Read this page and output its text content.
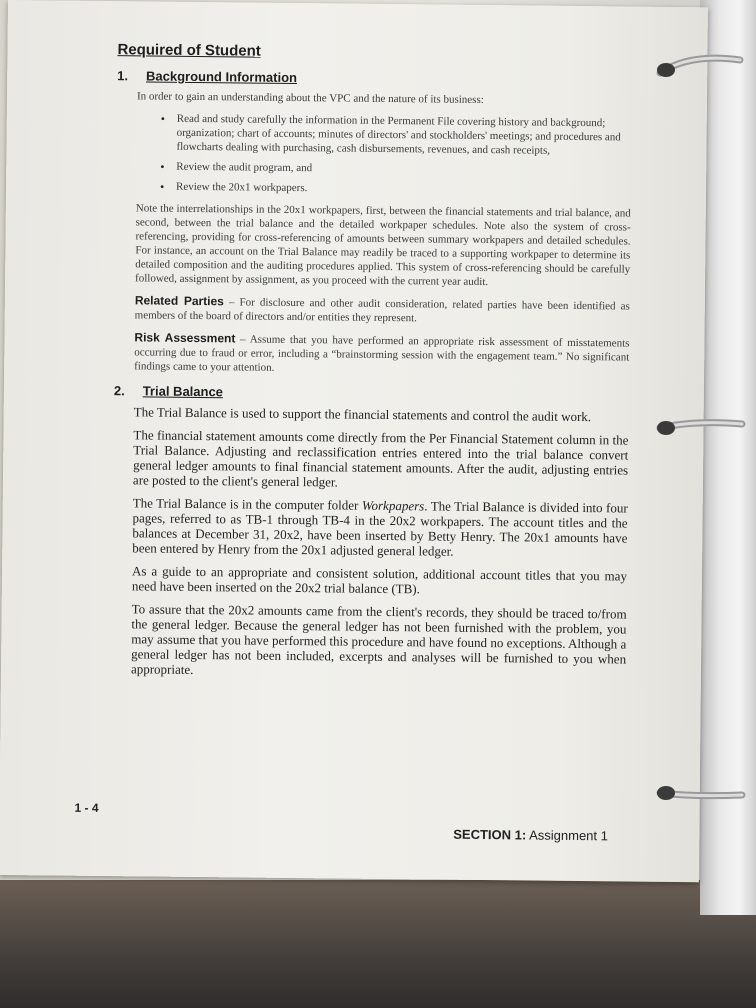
Required of Student
1. Background Information

In order to gain an understanding about the VPC and the nature of its business:

• Read and study carefully the information in the Permanent File covering history and background; organization; chart of accounts; minutes of directors' and stockholders' meetings; and procedures and flowcharts dealing with purchasing, cash disbursements, revenues, and cash receipts,
• Review the audit program, and
• Review the 20x1 workpapers.

Note the interrelationships in the 20x1 workpapers, first, between the financial statements and trial balance, and second, between the trial balance and the detailed workpaper schedules. Note also the system of cross-referencing, providing for cross-referencing of amounts between summary workpapers and detailed schedules. For instance, an account on the Trial Balance may readily be traced to a supporting workpaper to determine its detailed composition and the auditing procedures applied. This system of cross-referencing should be carefully followed, assignment by assignment, as you proceed with the current year audit.

Related Parties – For disclosure and other audit consideration, related parties have been identified as members of the board of directors and/or entities they represent.

Risk Assessment – Assume that you have performed an appropriate risk assessment of misstatements occurring due to fraud or error, including a “brainstorming session with the engagement team.” No significant findings came to your attention.

2. Trial Balance

The Trial Balance is used to support the financial statements and control the audit work.

The financial statement amounts come directly from the Per Financial Statement column in the Trial Balance. Adjusting and reclassification entries entered into the trial balance convert general ledger amounts to final financial statement amounts. After the audit, adjusting entries are posted to the client's general ledger.

The Trial Balance is in the computer folder Workpapers. The Trial Balance is divided into four pages, referred to as TB-1 through TB-4 in the 20x2 workpapers. The account titles and the balances at December 31, 20x2, have been inserted by Betty Henry. The 20x1 amounts have been entered by Henry from the 20x1 adjusted general ledger.

As a guide to an appropriate and consistent solution, additional account titles that you may need have been inserted on the 20x2 trial balance (TB).

To assure that the 20x2 amounts came from the client's records, they should be traced to/from the general ledger. Because the general ledger has not been furnished with the problem, you may assume that you have performed this procedure and have found no exceptions. Although a general ledger has not been included, excerpts and analyses will be furnished to you when appropriate.

1 - 4
SECTION 1: Assignment 1
